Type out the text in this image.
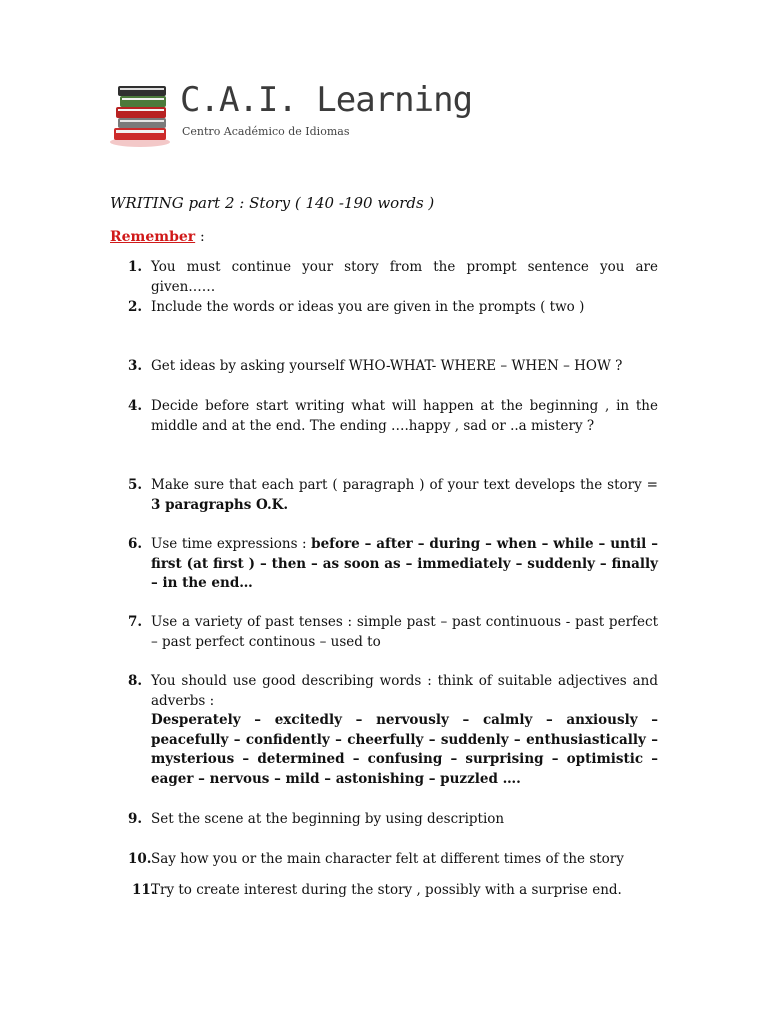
C.A.I. Learning
Centro Académico de Idiomas
WRITING part 2 : Story ( 140 -190 words )
Remember :
1. You must continue your story from the prompt sentence you are given……
2. Include the words or ideas you are given in the prompts ( two )
3. Get ideas by asking yourself WHO-WHAT- WHERE – WHEN – HOW ?
4. Decide before start writing what will happen at the beginning , in the middle and at the end. The ending ….happy , sad or ..a mistery ?
5. Make sure that each part ( paragraph ) of your text develops the story = 3 paragraphs O.K.
6. Use time expressions : before – after – during – when – while – until – first (at first ) – then – as soon as – immediately – suddenly – finally – in the end…
7. Use a variety of past tenses : simple past – past continuous - past perfect – past perfect continous – used to
8. You should use good describing words : think of suitable adjectives and adverbs :
Desperately – excitedly – nervously – calmly – anxiously – peacefully – confidently – cheerfully – suddenly – enthusiastically – mysterious – determined – confusing – surprising – optimistic – eager – nervous – mild – astonishing – puzzled ….
9. Set the scene at the beginning by using description
10. Say how you or the main character felt at different times of the story
11.
Try to create interest during the story , possibly with a surprise end.
